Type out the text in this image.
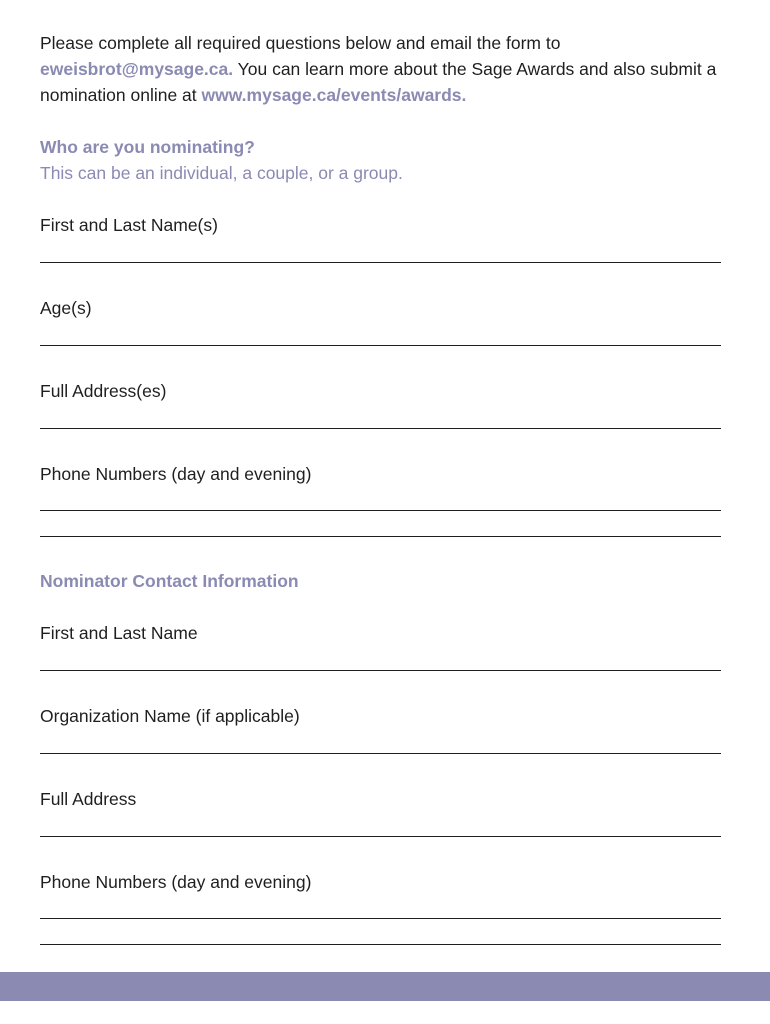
Please complete all required questions below and email the form to eweisbrot@mysage.ca. You can learn more about the Sage Awards and also submit a nomination online at www.mysage.ca/events/awards.

Who are you nominating?

This can be an individual, a couple, or a group.

First and Last Name(s)

Age(s)

Full Address(es)

Phone Numbers (day and evening)

Nominator Contact Information

First and Last Name

Organization Name (if applicable)

Full Address

Phone Numbers (day and evening)
